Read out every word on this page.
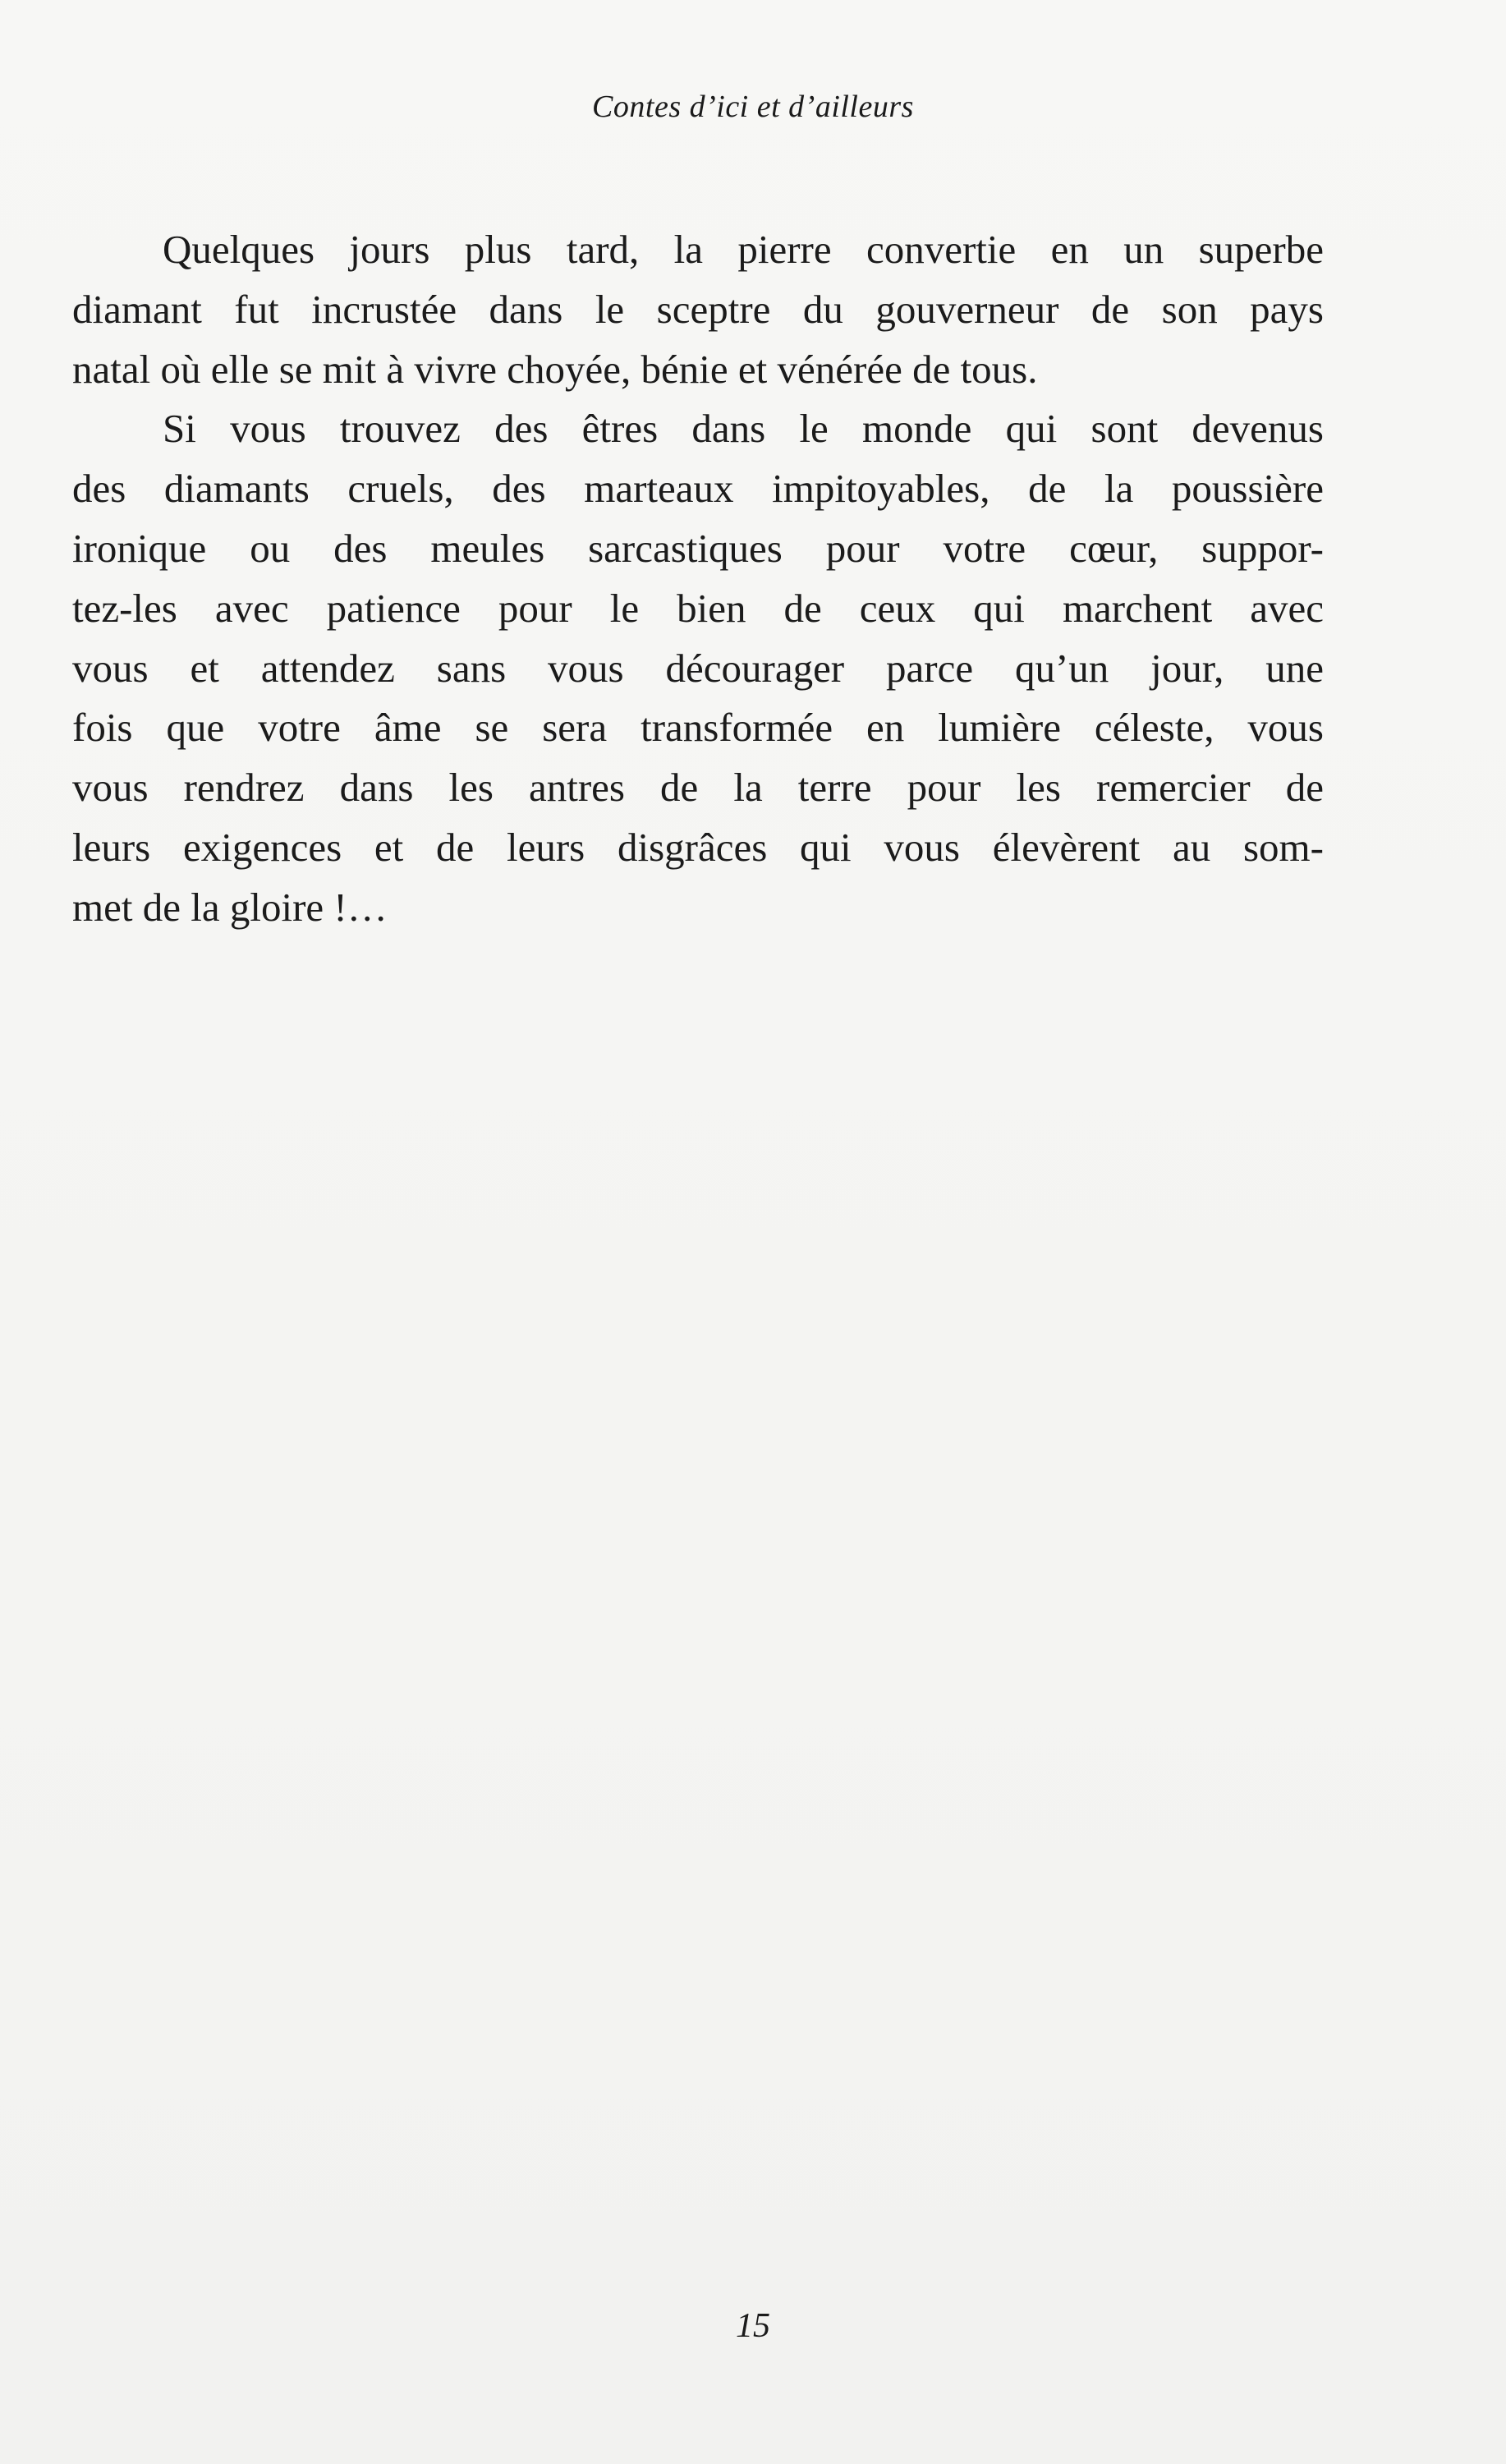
Contes d’ici et d’ailleurs
Quelques jours plus tard, la pierre convertie en un superbe
diamant fut incrustée dans le sceptre du gouverneur de son pays
natal où elle se mit à vivre choyée, bénie et vénérée de tous.
Si vous trouvez des êtres dans le monde qui sont devenus
des diamants cruels, des marteaux impitoyables, de la poussière
ironique ou des meules sarcastiques pour votre cœur, suppor-
tez-les avec patience pour le bien de ceux qui marchent avec
vous et attendez sans vous décourager parce qu’un jour, une
fois que votre âme se sera transformée en lumière céleste, vous
vous rendrez dans les antres de la terre pour les remercier de
leurs exigences et de leurs disgrâces qui vous élevèrent au som-
met de la gloire !…
15
